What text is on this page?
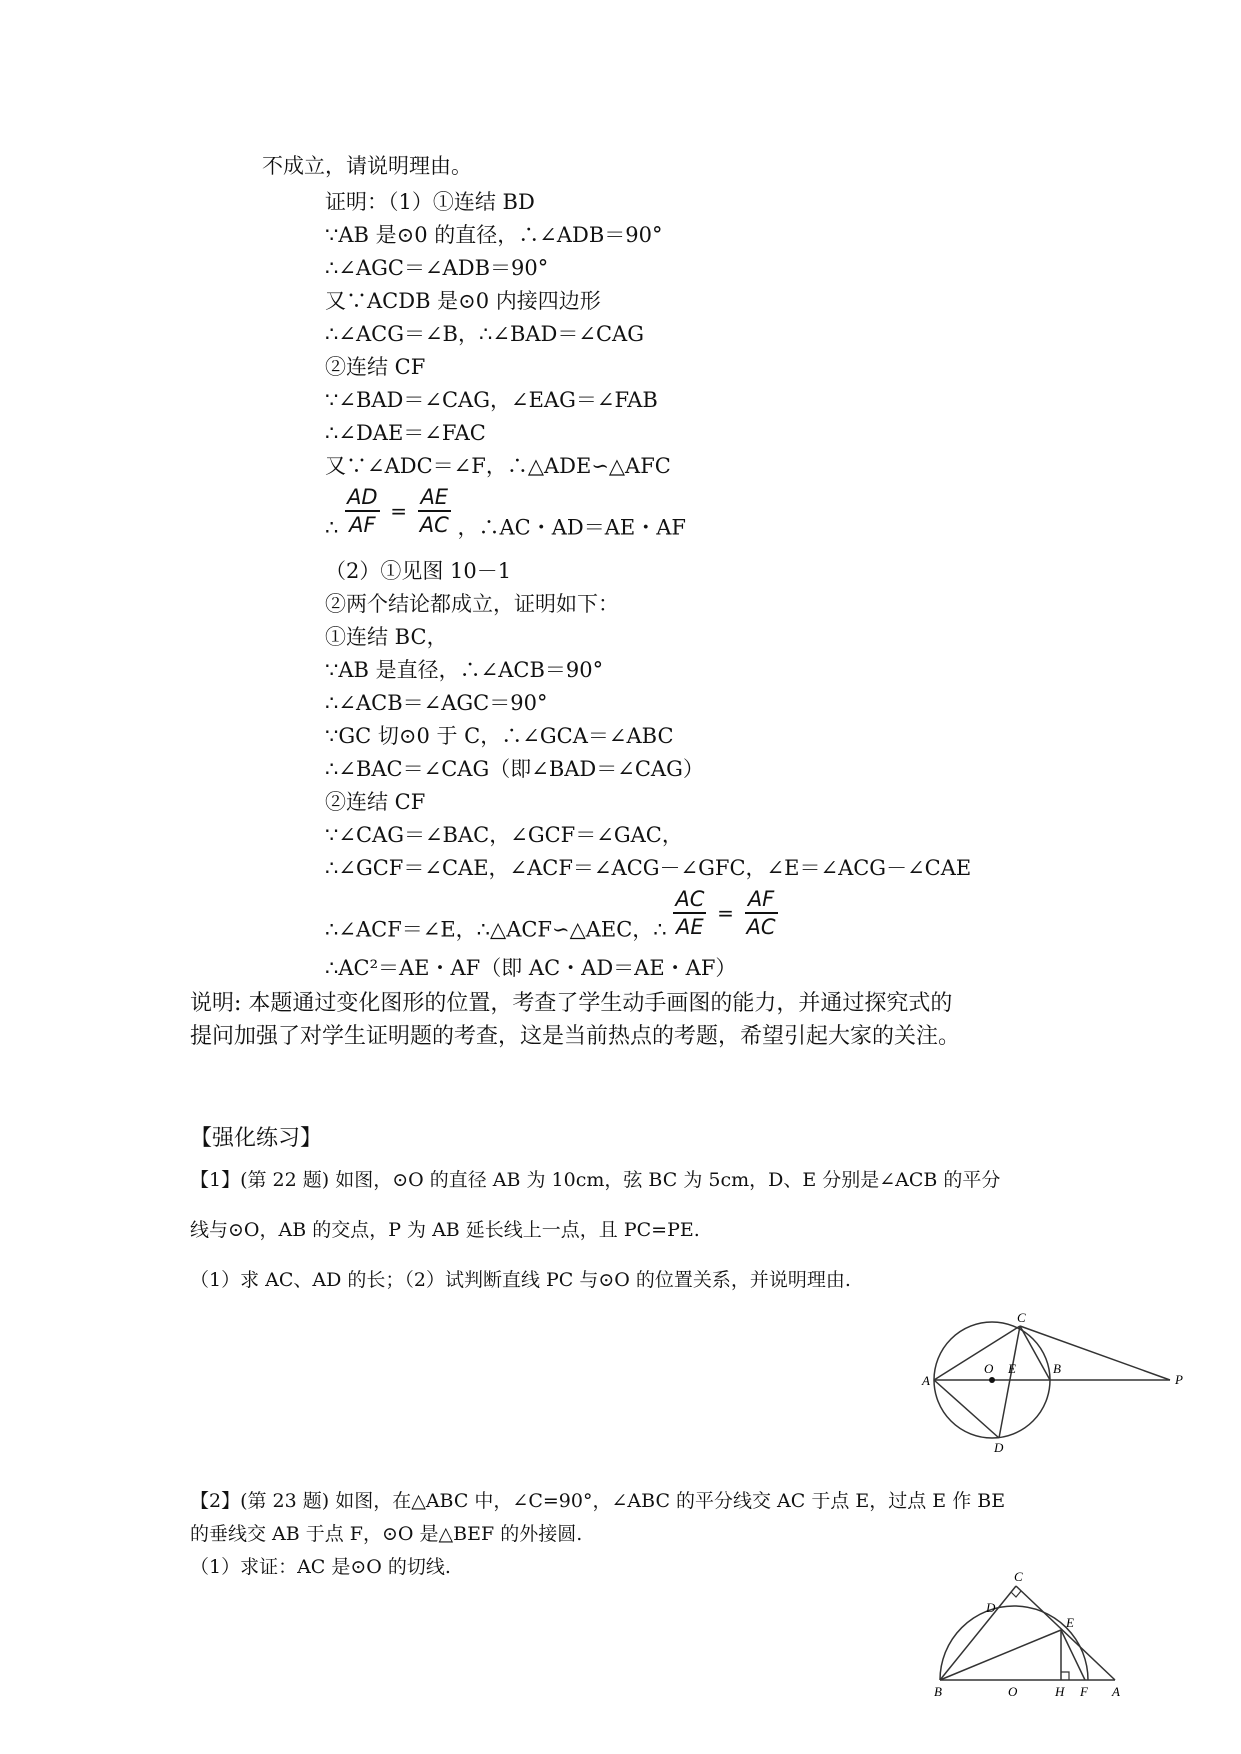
不成立，请说明理由。
证明：（1）①连结 BD
∵AB 是⊙0 的直径，∴∠ADB＝90°
∴∠AGC＝∠ADB＝90°
又∵ACDB 是⊙0 内接四边形
∴∠ACG＝∠B，∴∠BAD＝∠CAG
②连结 CF
∵∠BAD＝∠CAG，∠EAG＝∠FAB
∴∠DAE＝∠FAC
又∵∠ADC＝∠F，∴△ADE∽△AFC
∴ $\frac{AD}{AF} = \frac{AE}{AC}$ ，∴AC・AD＝AE・AF
（2）①见图 10－1
②两个结论都成立，证明如下：
①连结 BC，
∵AB 是直径，∴∠ACB＝90°
∴∠ACB＝∠AGC＝90°
∵GC 切⊙0 于 C，∴∠GCA＝∠ABC
∴∠BAC＝∠CAG（即∠BAD＝∠CAG）
②连结 CF
∵∠CAG＝∠BAC，∠GCF＝∠GAC，
∴∠GCF＝∠CAE，∠ACF＝∠ACG－∠GFC，∠E＝∠ACG－∠CAE
∴∠ACF＝∠E，∴△ACF∽△AEC，∴ $\frac{AC}{AE} = \frac{AF}{AC}$
∴AC²＝AE・AF（即 AC・AD＝AE・AF）
说明: 本题通过变化图形的位置，考查了学生动手画图的能力，并通过探究式的
提问加强了对学生证明题的考查，这是当前热点的考题，希望引起大家的关注。
【强化练习】
【1】(第 22 题) 如图，⊙O 的直径 AB 为 10cm，弦 BC 为 5cm，D、E 分别是∠ACB 的平分
线与⊙O，AB 的交点，P 为 AB 延长线上一点，且 PC=PE.
（1）求 AC、AD 的长；（2）试判断直线 PC 与⊙O 的位置关系，并说明理由.
A
O E	B
P
C
D
【2】(第 23 题) 如图，在△ABC 中，∠C=90°，∠ABC 的平分线交 AC 于点 E，过点 E 作 BE
的垂线交 AB 于点 F，⊙O 是△BEF 的外接圆.
（1）求证：AC 是⊙O 的切线.	C
D
E
B	O	H F A
